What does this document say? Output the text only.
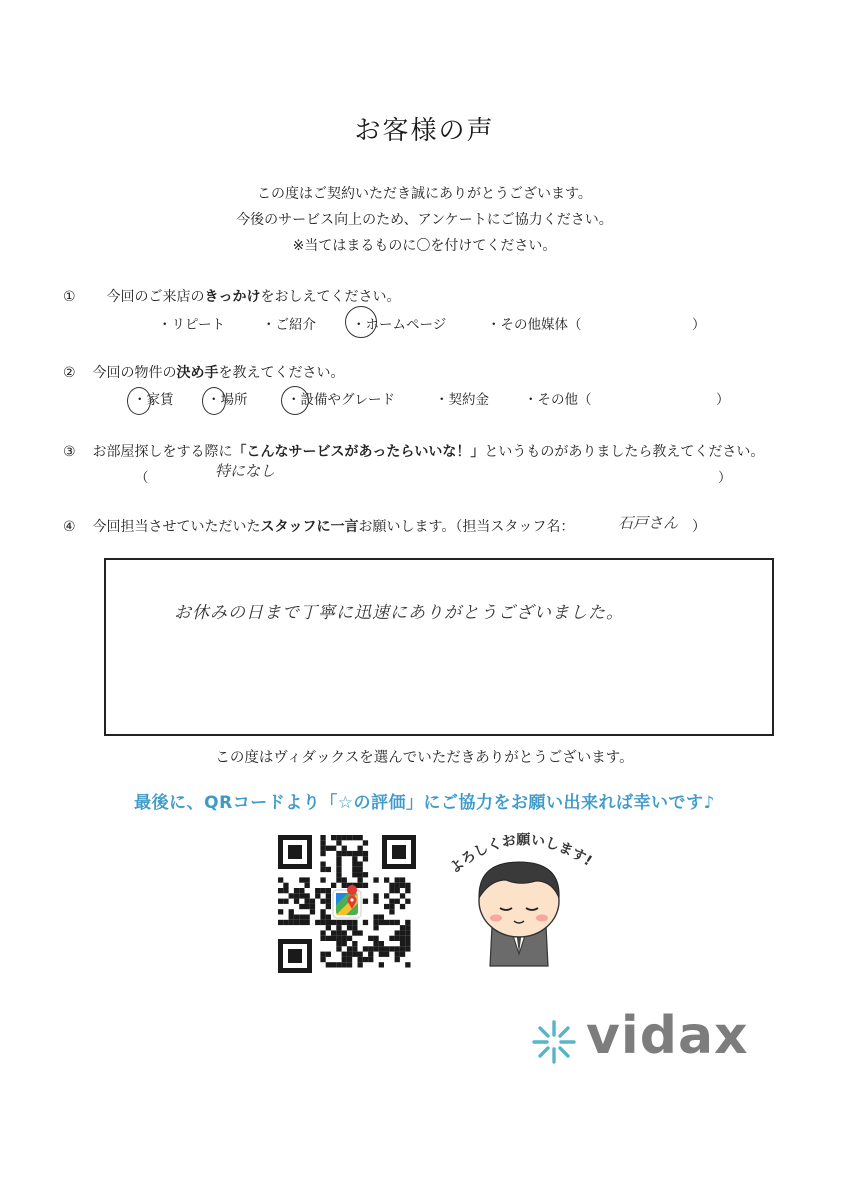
お客様の声
この度はご契約いただき誠にありがとうございます。
今後のサービス向上のため、アンケートにご協力ください。
※当てはまるものに〇を付けてください。
① 今回のご来店のきっかけをおしえてください。
・リピート	・ご紹介	・ホームページ	・その他媒体（	）
② 今回の物件の決め手を教えてください。
・家賃 ・場所	・設備やグレード	・契約金	・その他（	）
③ お部屋探しをする際に「こんなサービスがあったらいいな！」というものがありましたら教えてください。
（	特になし	）
④ 今回担当させていただいたスタッフに一言お願いします。（担当スタッフ名：	石戸さん ）
お休みの日まで丁寧に迅速にありがとうございました。
この度はヴィダックスを選んでいただきありがとうございます。
最後に、QRコードより「☆の評価」にご協力をお願い出来れば幸いです♪
よろしくお願いします!
vidax
